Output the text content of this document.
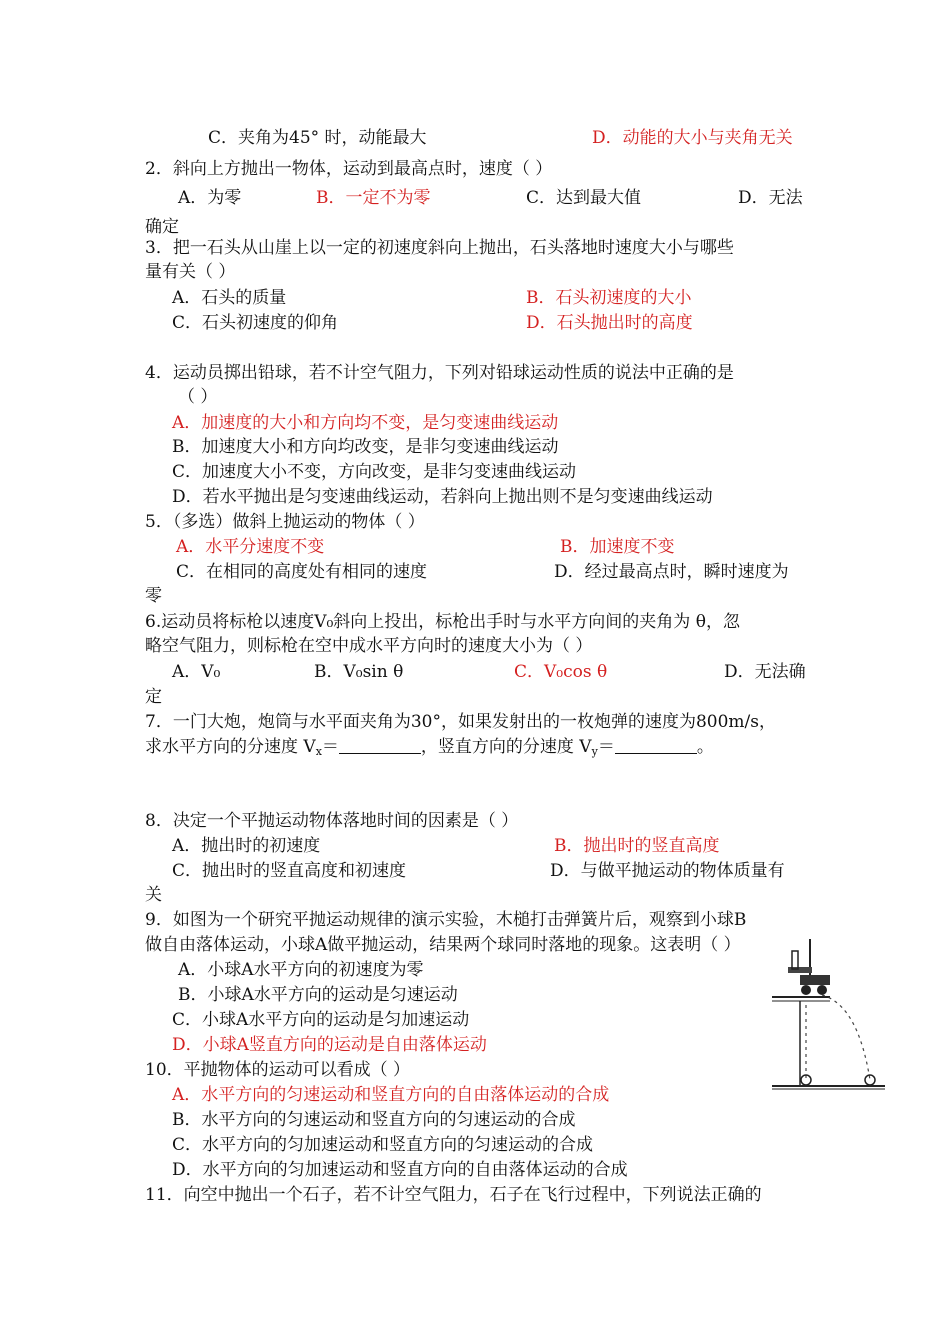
C．夹角为45° 时，动能最大	D．动能的大小与夹角无关
2．斜向上方抛出一物体，运动到最高点时，速度（ ）
A．为零	B．一定不为零	C．达到最大值	D．无法
确定
3．把一石头从山崖上以一定的初速度斜向上抛出，石头落地时速度大小与哪些
量有关（ ）
A．石头的质量	B．石头初速度的大小
C．石头初速度的仰角	D．石头抛出时的高度
4．运动员掷出铅球，若不计空气阻力，下列对铅球运动性质的说法中正确的是
（ ）
A．加速度的大小和方向均不变，是匀变速曲线运动
B．加速度大小和方向均改变，是非匀变速曲线运动
C．加速度大小不变，方向改变，是非匀变速曲线运动
D．若水平抛出是匀变速曲线运动，若斜向上抛出则不是匀变速曲线运动
5．（多选）做斜上抛运动的物体（ ）
A．水平分速度不变	B．加速度不变
C．在相同的高度处有相同的速度	D．经过最高点时，瞬时速度为
零
6.运动员将标枪以速度V₀斜向上投出，标枪出手时与水平方向间的夹角为 θ，忽
略空气阻力，则标枪在空中成水平方向时的速度大小为（ ）
A．V₀	B．V₀sin θ	C．V₀cos θ	D．无法确
定
7．一门大炮，炮筒与水平面夹角为30°，如果发射出的一枚炮弹的速度为800m/s，
求水平方向的分速度 $V_x=$	，竖直方向的分速度 $V_y=$	。
8．决定一个平抛运动物体落地时间的因素是（ ）
A．抛出时的初速度	B．抛出时的竖直高度
C．抛出时的竖直高度和初速度	D．与做平抛运动的物体质量有
关
9．如图为一个研究平抛运动规律的演示实验，木槌打击弹簧片后，观察到小球B
做自由落体运动，小球A做平抛运动，结果两个球同时落地的现象。这表明（ ）
A．小球A水平方向的初速度为零
B．小球A水平方向的运动是匀速运动
C．小球A水平方向的运动是匀加速运动
D．小球A竖直方向的运动是自由落体运动
10．平抛物体的运动可以看成（ ）
A．水平方向的匀速运动和竖直方向的自由落体运动的合成
B．水平方向的匀速运动和竖直方向的匀速运动的合成
C．水平方向的匀加速运动和竖直方向的匀速运动的合成
D．水平方向的匀加速运动和竖直方向的自由落体运动的合成
11．向空中抛出一个石子，若不计空气阻力，石子在飞行过程中，下列说法正确的
